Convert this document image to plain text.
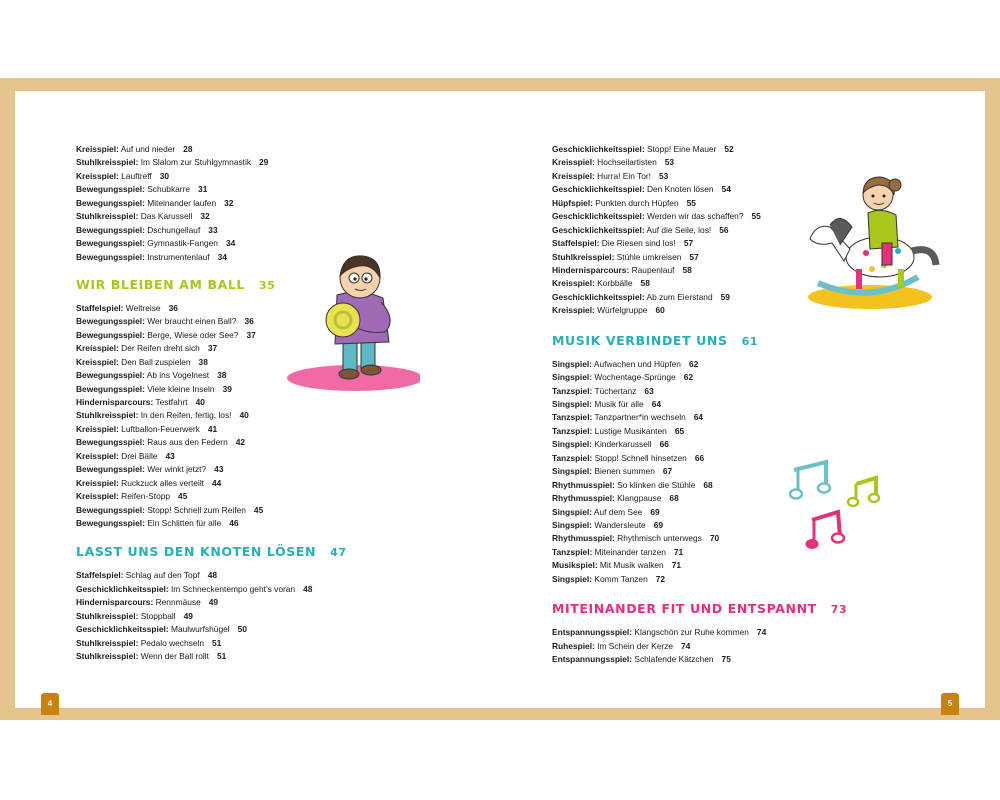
4	5
Kreisspiel: Auf und nieder 28
Stuhlkreisspiel: Im Slalom zur Stuhlgymnastik 29
Kreisspiel: Lauftreff 30
Bewegungsspiel: Schubkarre 31
Bewegungsspiel: Miteinander laufen 32
Stuhlkreisspiel: Das Karussell 32
Bewegungsspiel: Dschungellauf 33
Bewegungsspiel: Gymnastik-Fangen 34
Bewegungsspiel: Instrumentenlauf 34
WIR BLEIBEN AM BALL 35
Staffelspiel: Weltreise 36
Bewegungsspiel: Wer braucht einen Ball? 36
Bewegungsspiel: Berge, Wiese oder See? 37
Kreisspiel: Der Reifen dreht sich 37
Kreisspiel: Den Ball zuspielen 38
Bewegungsspiel: Ab ins Vogelnest 38
Bewegungsspiel: Viele kleine Inseln 39
Hindernisparcours: Testfahrt 40
Stuhlkreisspiel: In den Reifen, fertig, los! 40
Kreisspiel: Luftballon-Feuerwerk 41
Bewegungsspiel: Raus aus den Federn 42
Kreisspiel: Drei Bälle 43
Bewegungsspiel: Wer winkt jetzt? 43
Kreisspiel: Ruckzuck alles verteilt 44
Kreisspiel: Reifen-Stopp 45
Bewegungsspiel: Stopp! Schnell zum Reifen 45
Bewegungsspiel: Ein Schlitten für alle 46
LASST UNS DEN KNOTEN LÖSEN 47
Staffelspiel: Schlag auf den Topf 48
Geschicklichkeitsspiel: Im Schneckentempo geht’s voran 48
Hindernisparcours: Rennmäuse 49
Stuhlkreisspiel: Stoppball 49
Geschicklichkeitsspiel: Maulwurfshügel 50
Stuhlkreisspiel: Pedalo wechseln 51
Stuhlkreisspiel: Wenn der Ball rollt 51
Geschicklichkeitsspiel: Stopp! Eine Mauer 52
Kreisspiel: Hochseilartisten 53
Kreisspiel: Hurra! Ein Tor! 53
Geschicklichkeitsspiel: Den Knoten lösen 54
Hüpfspiel: Punkten durch Hüpfen 55
Geschicklichkeitsspiel: Werden wir das schaffen? 55
Geschicklichkeitsspiel: Auf die Seile, los! 56
Staffelspiel: Die Riesen sind los! 57
Stuhlkreisspiel: Stühle umkreisen 57
Hindernisparcours: Raupenlauf 58
Kreisspiel: Korbbälle 58
Geschicklichkeitsspiel: Ab zum Eierstand 59
Kreisspiel: Würfelgruppe 60
MUSIK VERBINDET UNS 61
Singspiel: Aufwachen und Hüpfen 62
Singspiel: Wochentage-Sprünge 62
Tanzspiel: Tüchertanz 63
Singspiel: Musik für alle 64
Tanzspiel: Tanzpartner*in wechseln 64
Tanzspiel: Lustige Musikanten 65
Singspiel: Kinderkarussell 66
Tanzspiel: Stopp! Schnell hinsetzen 66
Singspiel: Bienen summen 67
Rhythmusspiel: So klinken die Stühle 68
Rhythmusspiel: Klangpause 68
Singspiel: Auf dem See 69
Singspiel: Wandersleute 69
Rhythmusspiel: Rhythmisch unterwegs 70
Tanzspiel: Miteinander tanzen 71
Musikspiel: Mit Musik walken 71
Singspiel: Komm Tanzen 72
MITEINANDER FIT UND ENTSPANNT 73
Entspannungsspiel: Klangschön zur Ruhe kommen 74
Ruhespiel: Im Schein der Kerze 74
Entspannungsspiel: Schlafende Kätzchen 75
